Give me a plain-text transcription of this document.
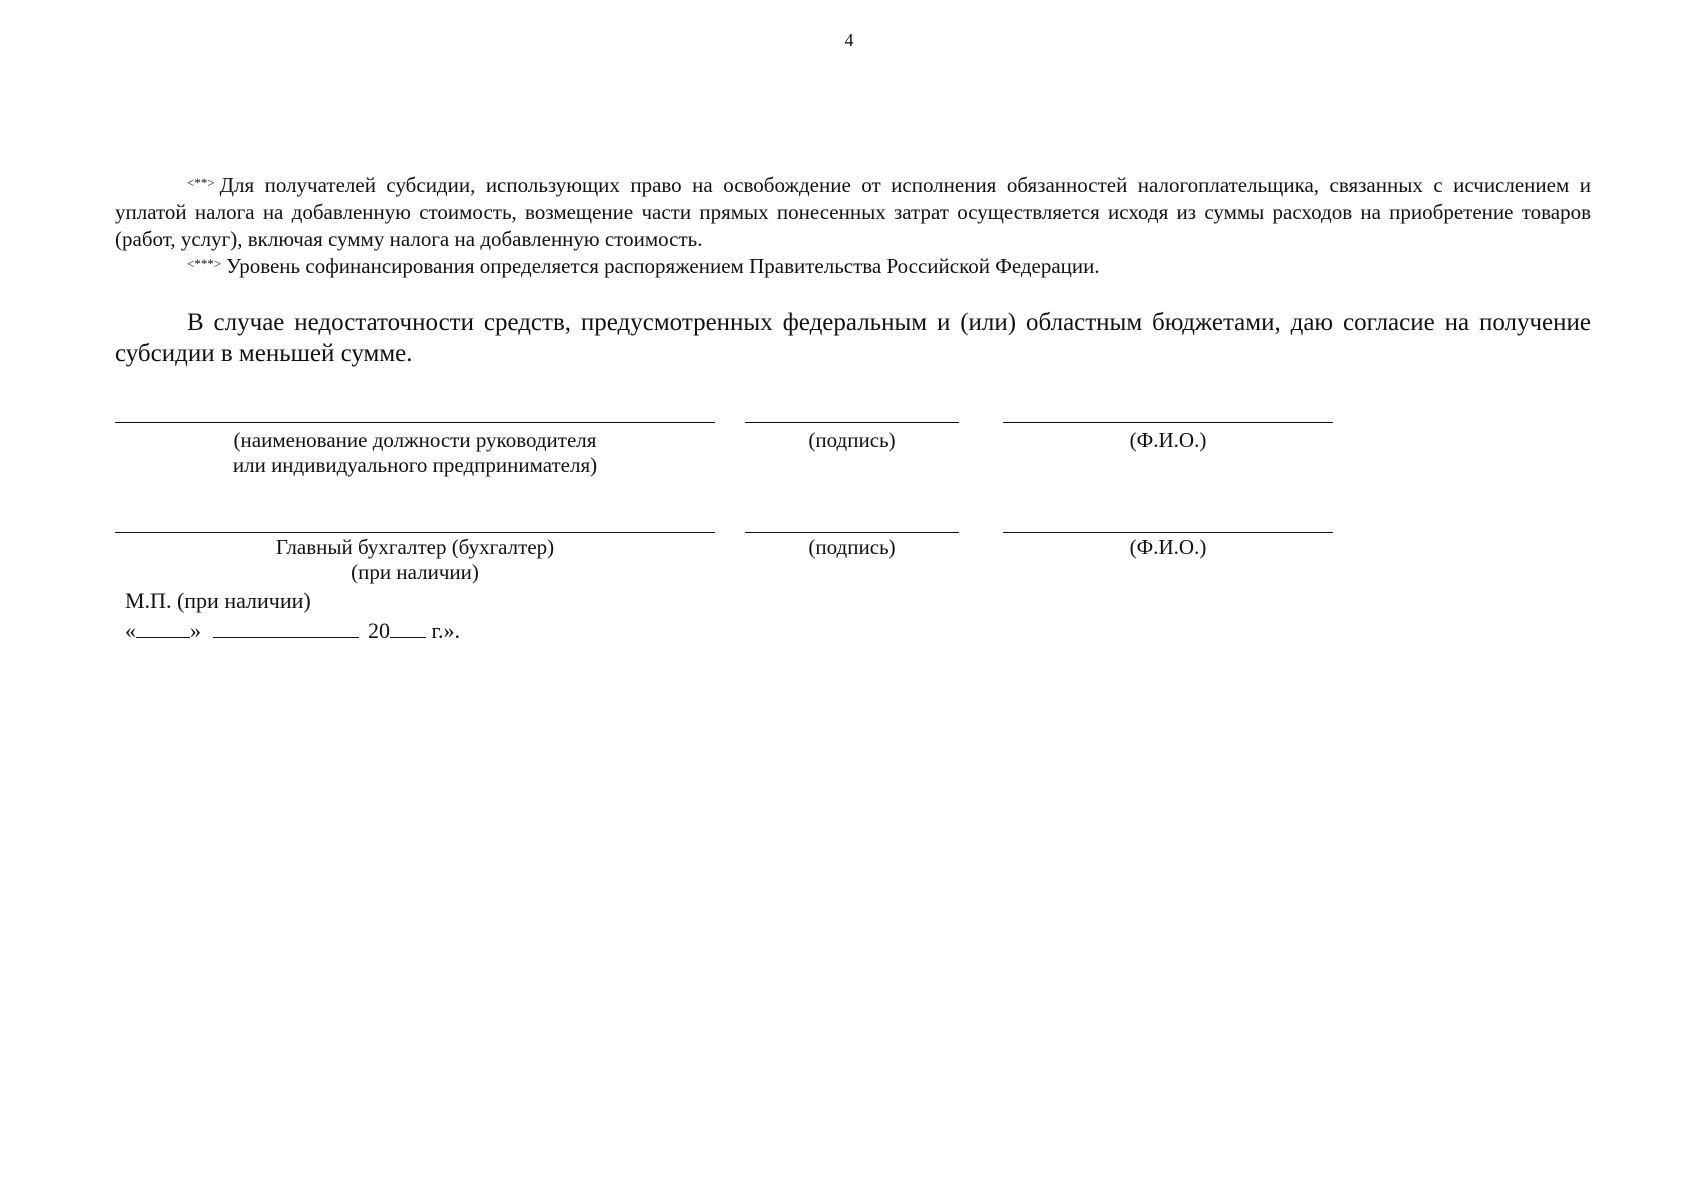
4

<**> Для получателей субсидии, использующих право на освобождение от исполнения обязанностей налогоплательщика, связанных с исчислением и уплатой налога на добавленную стоимость, возмещение части прямых понесенных затрат осуществляется исходя из суммы расходов на приобретение товаров (работ, услуг), включая сумму налога на добавленную стоимость.

<***> Уровень софинансирования определяется распоряжением Правительства Российской Федерации.

В случае недостаточности средств, предусмотренных федеральным и (или) областным бюджетами, даю согласие на получение субсидии в меньшей сумме.

(наименование должности руководителя
или индивидуального предпринимателя)
(подпись)	(Ф.И.О.)
Главный бухгалтер (бухгалтер)
(при наличии)
(подпись)	(Ф.И.О.)
М.П. (при наличии)
« »	20 г.».
